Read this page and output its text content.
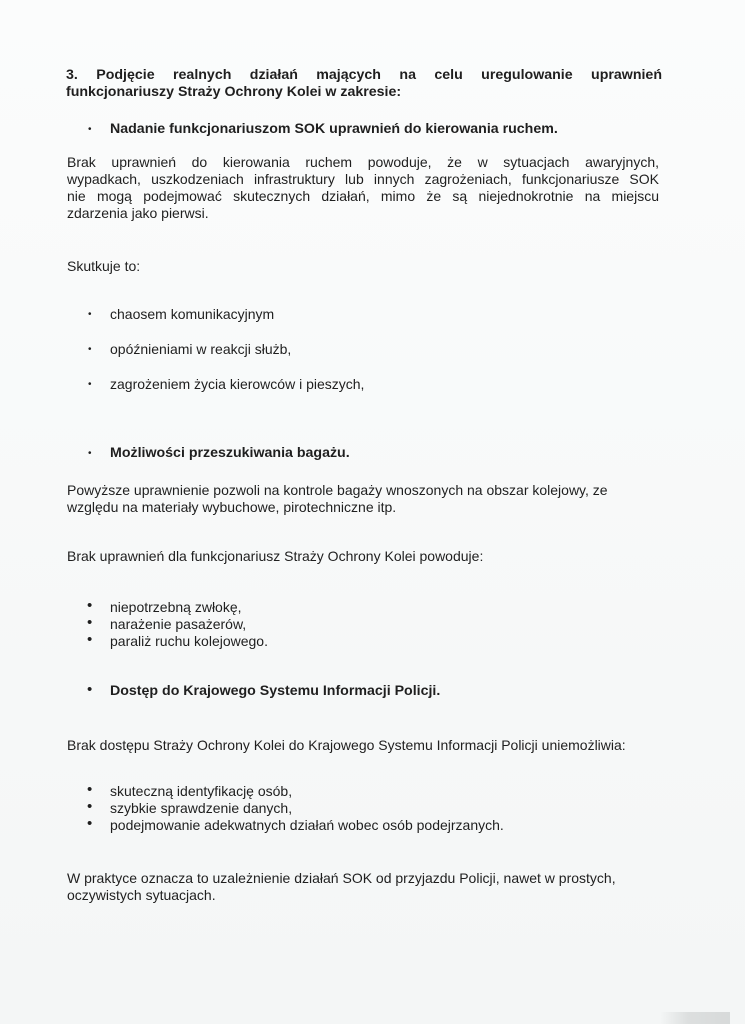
3. Podjęcie realnych działań mających na celu uregulowanie uprawnień
funkcjonariuszy Straży Ochrony Kolei w zakresie:
• Nadanie funkcjonariuszom SOK uprawnień do kierowania ruchem.
Brak uprawnień do kierowania ruchem powoduje, że w sytuacjach awaryjnych,
wypadkach, uszkodzeniach infrastruktury lub innych zagrożeniach, funkcjonariusze SOK
nie mogą podejmować skutecznych działań, mimo że są niejednokrotnie na miejscu
zdarzenia jako pierwsi.
Skutkuje to:
• chaosem komunikacyjnym
• opóźnieniami w reakcji służb,
• zagrożeniem życia kierowców i pieszych,
• Możliwości przeszukiwania bagażu.
Powyższe uprawnienie pozwoli na kontrole bagaży wnoszonych na obszar kolejowy, ze
względu na materiały wybuchowe, pirotechniczne itp.
Brak uprawnień dla funkcjonariusz Straży Ochrony Kolei powoduje:
• niepotrzebną zwłokę,
• narażenie pasażerów,
• paraliż ruchu kolejowego.
• Dostęp do Krajowego Systemu Informacji Policji.
Brak dostępu Straży Ochrony Kolei do Krajowego Systemu Informacji Policji uniemożliwia:
• skuteczną identyfikację osób,
• szybkie sprawdzenie danych,
• podejmowanie adekwatnych działań wobec osób podejrzanych.
W praktyce oznacza to uzależnienie działań SOK od przyjazdu Policji, nawet w prostych,
oczywistych sytuacjach.
